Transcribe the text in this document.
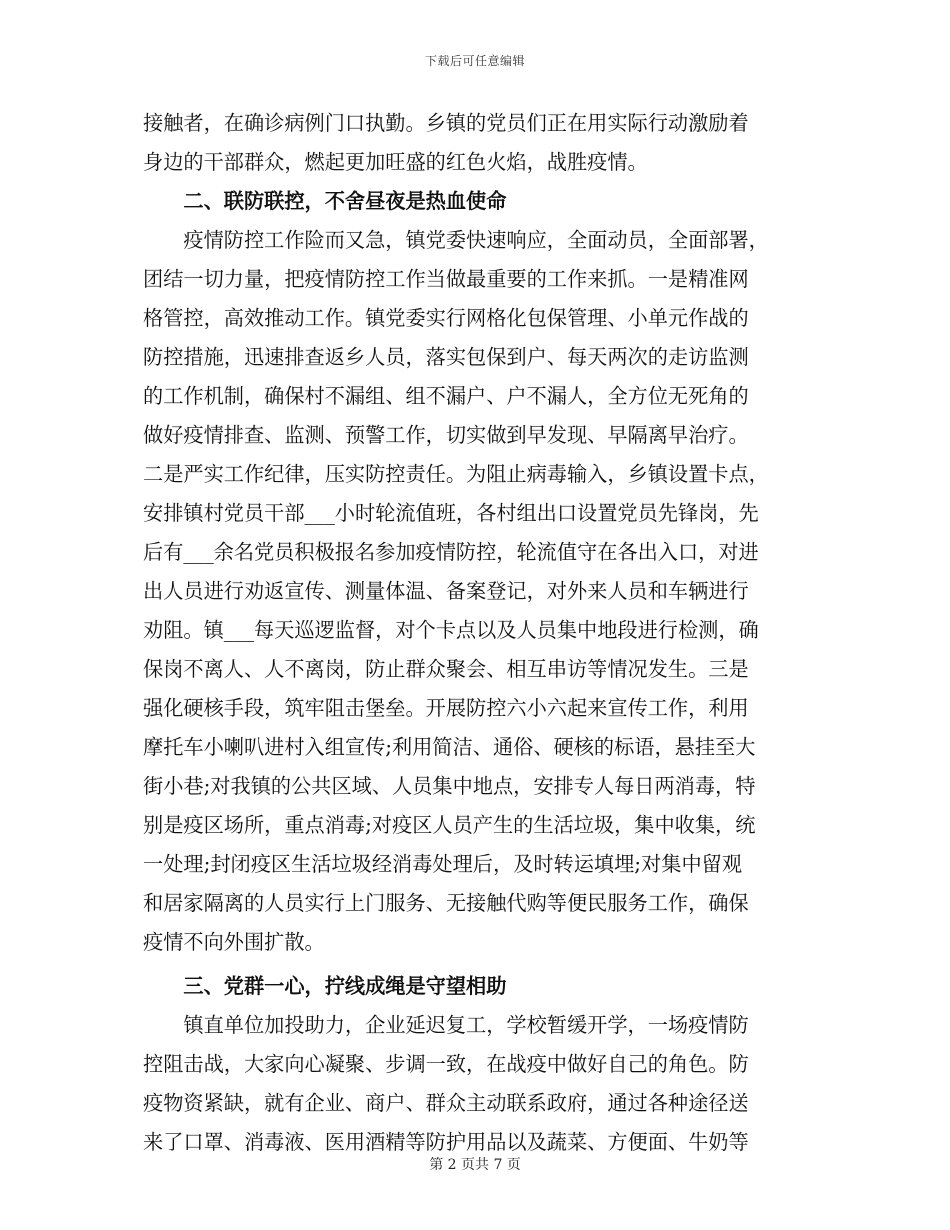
下载后可任意编辑
接触者，在确诊病例门口执勤。乡镇的党员们正在用实际行动激励着
身边的干部群众，燃起更加旺盛的红色火焰，战胜疫情。
　　二、联防联控，不舍昼夜是热血使命
　　疫情防控工作险而又急，镇党委快速响应，全面动员，全面部署，
团结一切力量，把疫情防控工作当做最重要的工作来抓。一是精准网
格管控，高效推动工作。镇党委实行网格化包保管理、小单元作战的
防控措施，迅速排查返乡人员，落实包保到户、每天两次的走访监测
的工作机制，确保村不漏组、组不漏户、户不漏人，全方位无死角的
做好疫情排查、监测、预警工作，切实做到早发现、早隔离早治疗。
二是严实工作纪律，压实防控责任。为阻止病毒输入，乡镇设置卡点，
安排镇村党员干部___小时轮流值班，各村组出口设置党员先锋岗，先
后有___余名党员积极报名参加疫情防控，轮流值守在各出入口，对进
出人员进行劝返宣传、测量体温、备案登记，对外来人员和车辆进行
劝阻。镇___每天巡逻监督，对个卡点以及人员集中地段进行检测，确
保岗不离人、人不离岗，防止群众聚会、相互串访等情况发生。三是
强化硬核手段，筑牢阻击堡垒。开展防控六小六起来宣传工作，利用
摩托车小喇叭进村入组宣传;利用简洁、通俗、硬核的标语，悬挂至大
街小巷;对我镇的公共区域、人员集中地点，安排专人每日两消毒，特
别是疫区场所，重点消毒;对疫区人员产生的生活垃圾，集中收集，统
一处理;封闭疫区生活垃圾经消毒处理后，及时转运填埋;对集中留观
和居家隔离的人员实行上门服务、无接触代购等便民服务工作，确保
疫情不向外围扩散。
　　三、党群一心，拧线成绳是守望相助
　　镇直单位加投助力，企业延迟复工，学校暂缓开学，一场疫情防
控阻击战，大家向心凝聚、步调一致，在战疫中做好自己的角色。防
疫物资紧缺，就有企业、商户、群众主动联系政府，通过各种途径送
来了口罩、消毒液、医用酒精等防护用品以及蔬菜、方便面、牛奶等
第 2 页共 7 页
